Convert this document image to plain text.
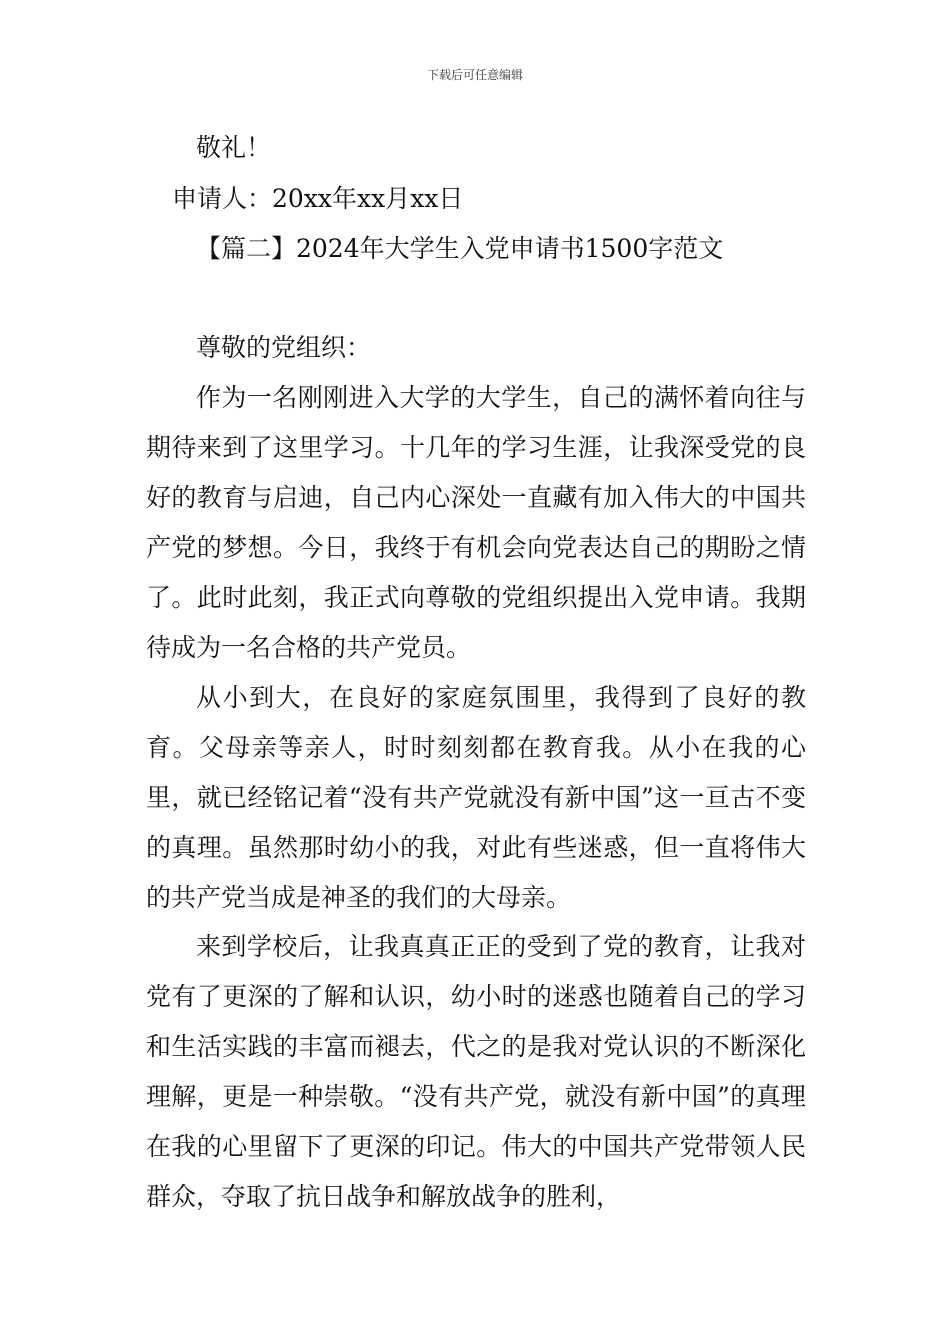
下载后可任意编辑
敬礼！
申请人：20xx年xx月xx日
【篇二】2024年大学生入党申请书1500字范文
尊敬的党组织：

作为一名刚刚进入大学的大学生，自己的满怀着向往与期待来到了这里学习。十几年的学习生涯，让我深受党的良好的教育与启迪，自己内心深处一直藏有加入伟大的中国共产党的梦想。今日，我终于有机会向党表达自己的期盼之情了。此时此刻，我正式向尊敬的党组织提出入党申请。我期待成为一名合格的共产党员。

从小到大，在良好的家庭氛围里，我得到了良好的教育。父母亲等亲人，时时刻刻都在教育我。从小在我的心里，就已经铭记着“没有共产党就没有新中国”这一亘古不变的真理。虽然那时幼小的我，对此有些迷惑，但一直将伟大的共产党当成是神圣的我们的大母亲。

来到学校后，让我真真正正的受到了党的教育，让我对党有了更深的了解和认识，幼小时的迷惑也随着自己的学习和生活实践的丰富而褪去，代之的是我对党认识的不断深化理解，更是一种崇敬。“没有共产党，就没有新中国”的真理在我的心里留下了更深的印记。伟大的中国共产党带领人民群众，夺取了抗日战争和解放战争的胜利，
